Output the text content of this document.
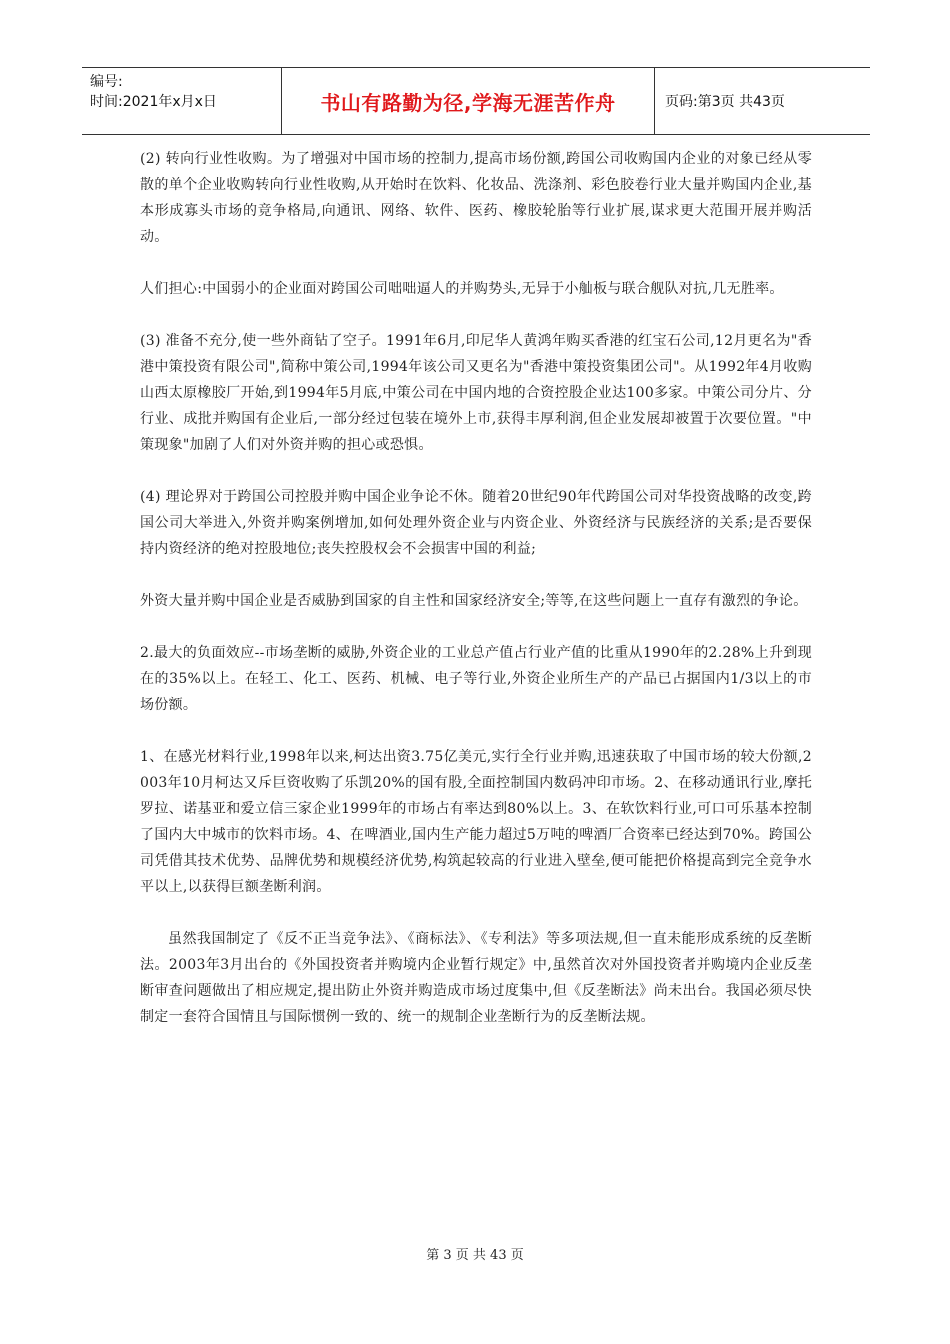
编号:
时间:2021年x月x日	书山有路勤为径,学海无涯苦作舟	页码:第3页 共43页

(2) 转向行业性收购。为了增强对中国市场的控制力,提高市场份额,跨国公司收购国内企业的对象已经从零散的单个企业收购转向行业性收购,从开始时在饮料、化妆品、洗涤剂、彩色胶卷行业大量并购国内企业,基本形成寡头市场的竞争格局,向通讯、网络、软件、医药、橡胶轮胎等行业扩展,谋求更大范围开展并购活动。

人们担心:中国弱小的企业面对跨国公司咄咄逼人的并购势头,无异于小舢板与联合舰队对抗,几无胜率。

(3) 准备不充分,使一些外商钻了空子。1991年6月,印尼华人黄鸿年购买香港的红宝石公司,12月更名为"香港中策投资有限公司",简称中策公司,1994年该公司又更名为"香港中策投资集团公司"。从1992年4月收购山西太原橡胶厂开始,到1994年5月底,中策公司在中国内地的合资控股企业达100多家。中策公司分片、分行业、成批并购国有企业后,一部分经过包装在境外上市,获得丰厚利润,但企业发展却被置于次要位置。"中策现象"加剧了人们对外资并购的担心或恐惧。

(4) 理论界对于跨国公司控股并购中国企业争论不休。随着20世纪90年代跨国公司对华投资战略的改变,跨国公司大举进入,外资并购案例增加,如何处理外资企业与内资企业、外资经济与民族经济的关系;是否要保持内资经济的绝对控股地位;丧失控股权会不会损害中国的利益;

外资大量并购中国企业是否威胁到国家的自主性和国家经济安全;等等,在这些问题上一直存有激烈的争论。

2.最大的负面效应--市场垄断的威胁,外资企业的工业总产值占行业产值的比重从1990年的2.28%上升到现在的35%以上。在轻工、化工、医药、机械、电子等行业,外资企业所生产的产品已占据国内1/3以上的市场份额。

1、在感光材料行业,1998年以来,柯达出资3.75亿美元,实行全行业并购,迅速获取了中国市场的较大份额,2003年10月柯达又斥巨资收购了乐凯20%的国有股,全面控制国内数码冲印市场。2、在移动通讯行业,摩托罗拉、诺基亚和爱立信三家企业1999年的市场占有率达到80%以上。3、在软饮料行业,可口可乐基本控制了国内大中城市的饮料市场。4、在啤酒业,国内生产能力超过5万吨的啤酒厂合资率已经达到70%。跨国公司凭借其技术优势、品牌优势和规模经济优势,构筑起较高的行业进入壁垒,便可能把价格提高到完全竞争水平以上,以获得巨额垄断利润。

虽然我国制定了《反不正当竞争法》、《商标法》、《专利法》等多项法规,但一直未能形成系统的反垄断法。2003年3月出台的《外国投资者并购境内企业暂行规定》中,虽然首次对外国投资者并购境内企业反垄断审查问题做出了相应规定,提出防止外资并购造成市场过度集中,但《反垄断法》尚未出台。我国必须尽快制定一套符合国情且与国际惯例一致的、统一的规制企业垄断行为的反垄断法规。

第 3 页 共 43 页
